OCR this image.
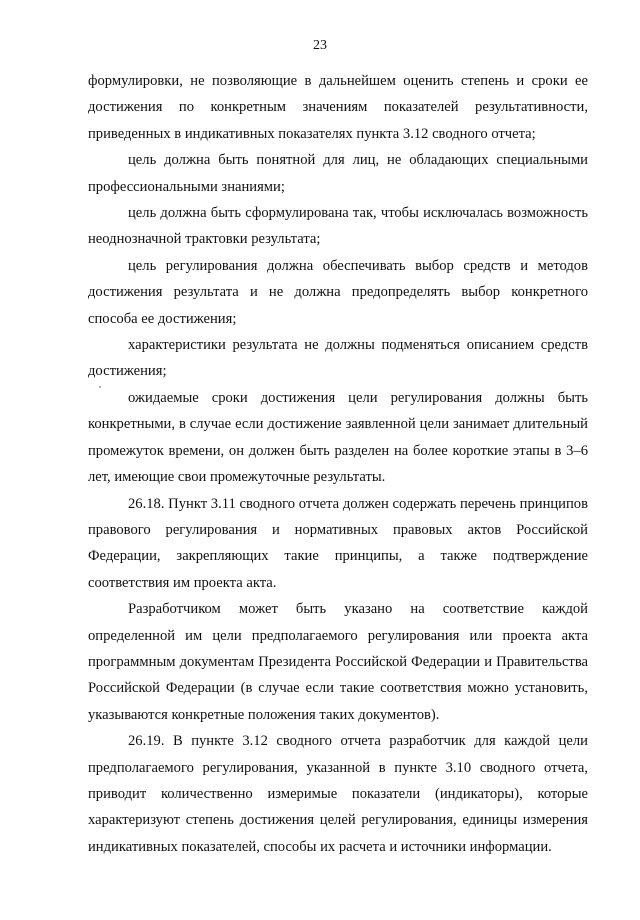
23

формулировки, не позволяющие в дальнейшем оценить степень и сроки ее достижения по конкретным значениям показателей результативности, приведенных в индикативных показателях пункта 3.12 сводного отчета;

цель должна быть понятной для лиц, не обладающих специальными профессиональными знаниями;

цель должна быть сформулирована так, чтобы исключалась возможность неоднозначной трактовки результата;

цель регулирования должна обеспечивать выбор средств и методов достижения результата и не должна предопределять выбор конкретного способа ее достижения;

характеристики результата не должны подменяться описанием средств достижения;

ожидаемые сроки достижения цели регулирования должны быть конкретными, в случае если достижение заявленной цели занимает длительный промежуток времени, он должен быть разделен на более короткие этапы в 3–6 лет, имеющие свои промежуточные результаты.

26.18. Пункт 3.11 сводного отчета должен содержать перечень принципов правового регулирования и нормативных правовых актов Российской Федерации, закрепляющих такие принципы, а также подтверждение соответствия им проекта акта.

Разработчиком может быть указано на соответствие каждой определенной им цели предполагаемого регулирования или проекта акта программным документам Президента Российской Федерации и Правительства Российской Федерации (в случае если такие соответствия можно установить, указываются конкретные положения таких документов).

26.19. В пункте 3.12 сводного отчета разработчик для каждой цели предполагаемого регулирования, указанной в пункте 3.10 сводного отчета, приводит количественно измеримые показатели (индикаторы), которые характеризуют степень достижения целей регулирования, единицы измерения индикативных показателей, способы их расчета и источники информации.
